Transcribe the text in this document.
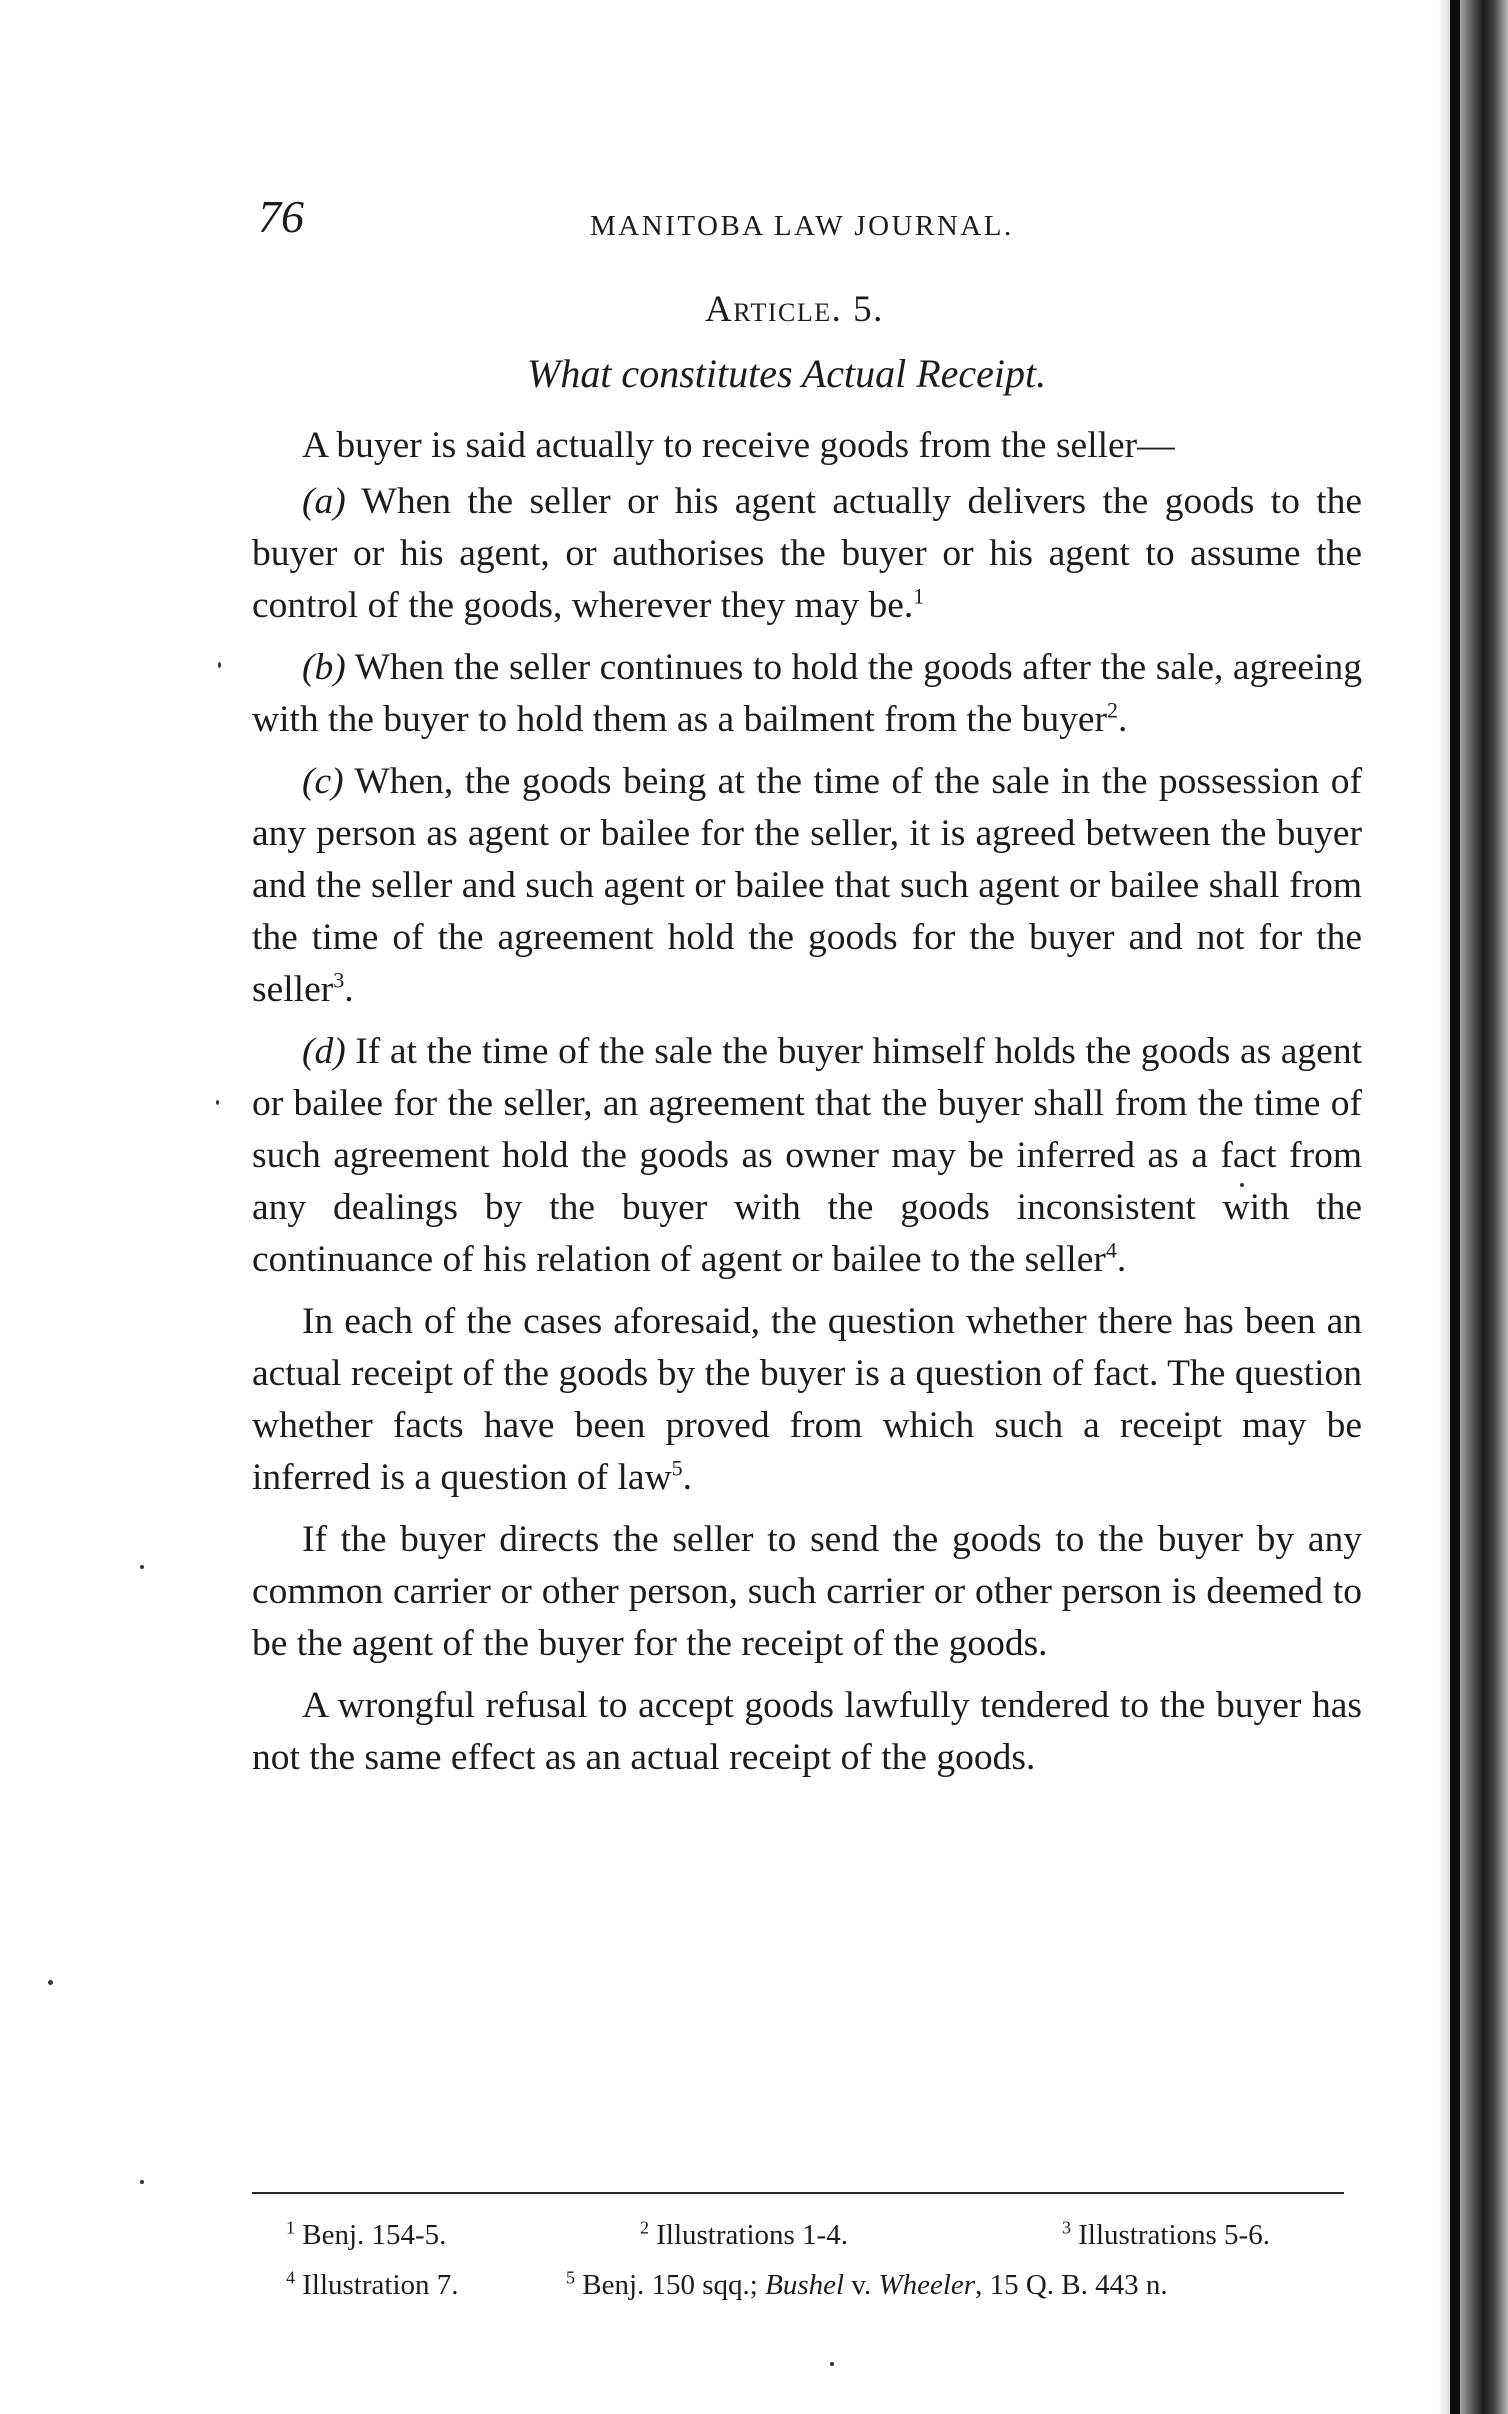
76	MANITOBA LAW JOURNAL.
Article. 5.
What constitutes Actual Receipt.

A buyer is said actually to receive goods from the seller—

(a) When the seller or his agent actually delivers the goods to the buyer or his agent, or authorises the buyer or his agent to assume the control of the goods, wherever they may be.$^1$

(b) When the seller continues to hold the goods after the sale, agreeing with the buyer to hold them as a bailment from the buyer$^2$.

(c) When, the goods being at the time of the sale in the possession of any person as agent or bailee for the seller, it is agreed between the buyer and the seller and such agent or bailee that such agent or bailee shall from the time of the agreement hold the goods for the buyer and not for the seller$^3$.

(d) If at the time of the sale the buyer himself holds the goods as agent or bailee for the seller, an agreement that the buyer shall from the time of such agreement hold the goods as owner may be inferred as a fact from any dealings by the buyer with the goods inconsistent with the continuance of his relation of agent or bailee to the seller$^4$.

In each of the cases aforesaid, the question whether there has been an actual receipt of the goods by the buyer is a question of fact. The question whether facts have been proved from which such a receipt may be inferred is a question of law$^5$.

If the buyer directs the seller to send the goods to the buyer by any common carrier or other person, such carrier or other person is deemed to be the agent of the buyer for the receipt of the goods.

A wrongful refusal to accept goods lawfully tendered to the buyer has not the same effect as an actual receipt of the goods.

$^1$ Benj. 154-5.	$^2$ Illustrations 1-4.	$^3$ Illustrations 5-6.
$^4$ Illustration 7.	$^5$ Benj. 150 sqq.; Bushel v. Wheeler, 15 Q. B. 443 n.
